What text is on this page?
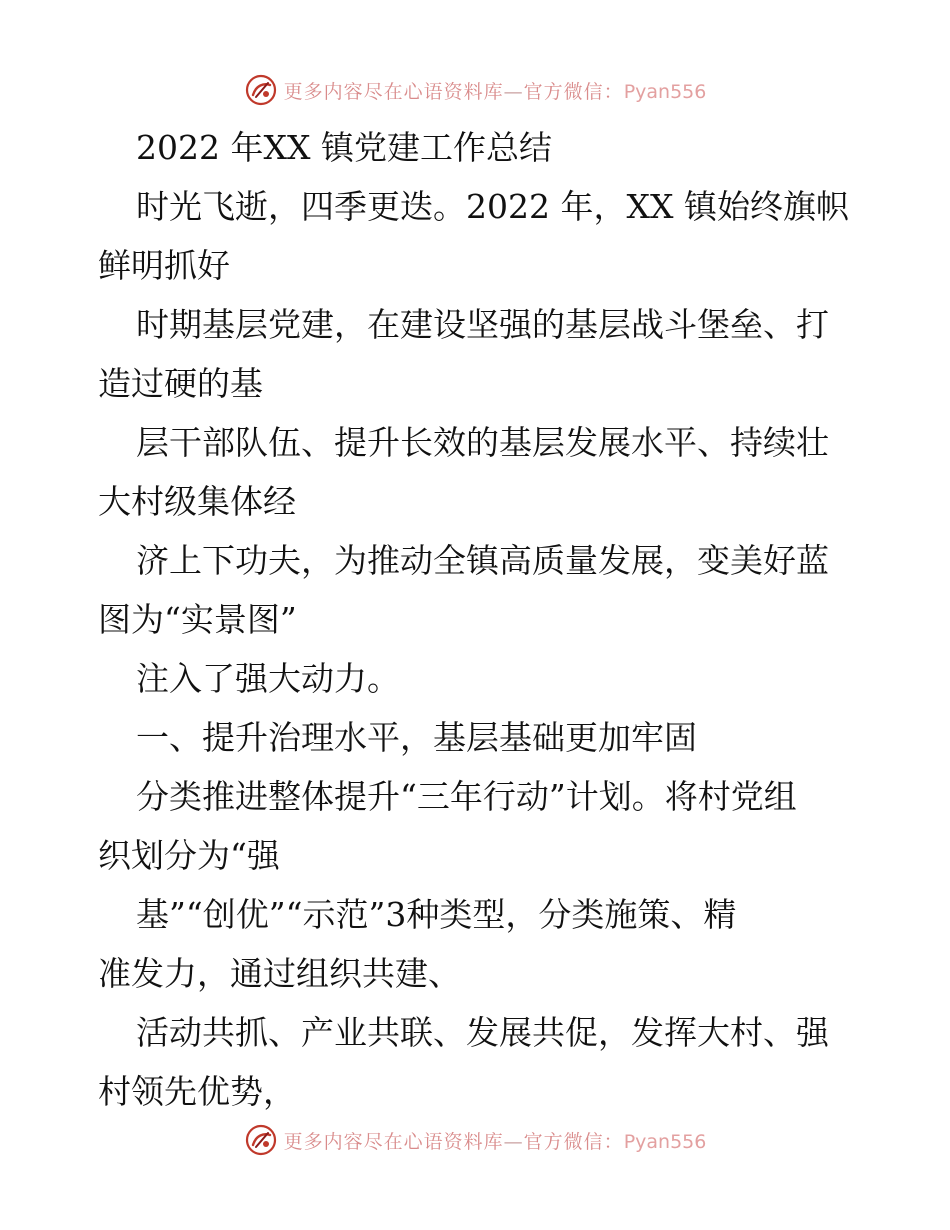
更多内容尽在心语资料库—官方微信：Pyan556
2022 年XX 镇党建工作总结
时光飞逝，四季更迭。2022 年，XX 镇始终旗帜
鲜明抓好
时期基层党建，在建设坚强的基层战斗堡垒、打
造过硬的基
层干部队伍、提升长效的基层发展水平、持续壮
大村级集体经
济上下功夫，为推动全镇高质量发展，变美好蓝
图为“实景图”
注入了强大动力。
一、提升治理水平，基层基础更加牢固
分类推进整体提升“三年行动”计划。将村党组
织划分为“强
基”“创优”“示范”3种类型，分类施策、精
准发力，通过组织共建、
活动共抓、产业共联、发展共促，发挥大村、强
村领先优势，
更多内容尽在心语资料库—官方微信：Pyan556
